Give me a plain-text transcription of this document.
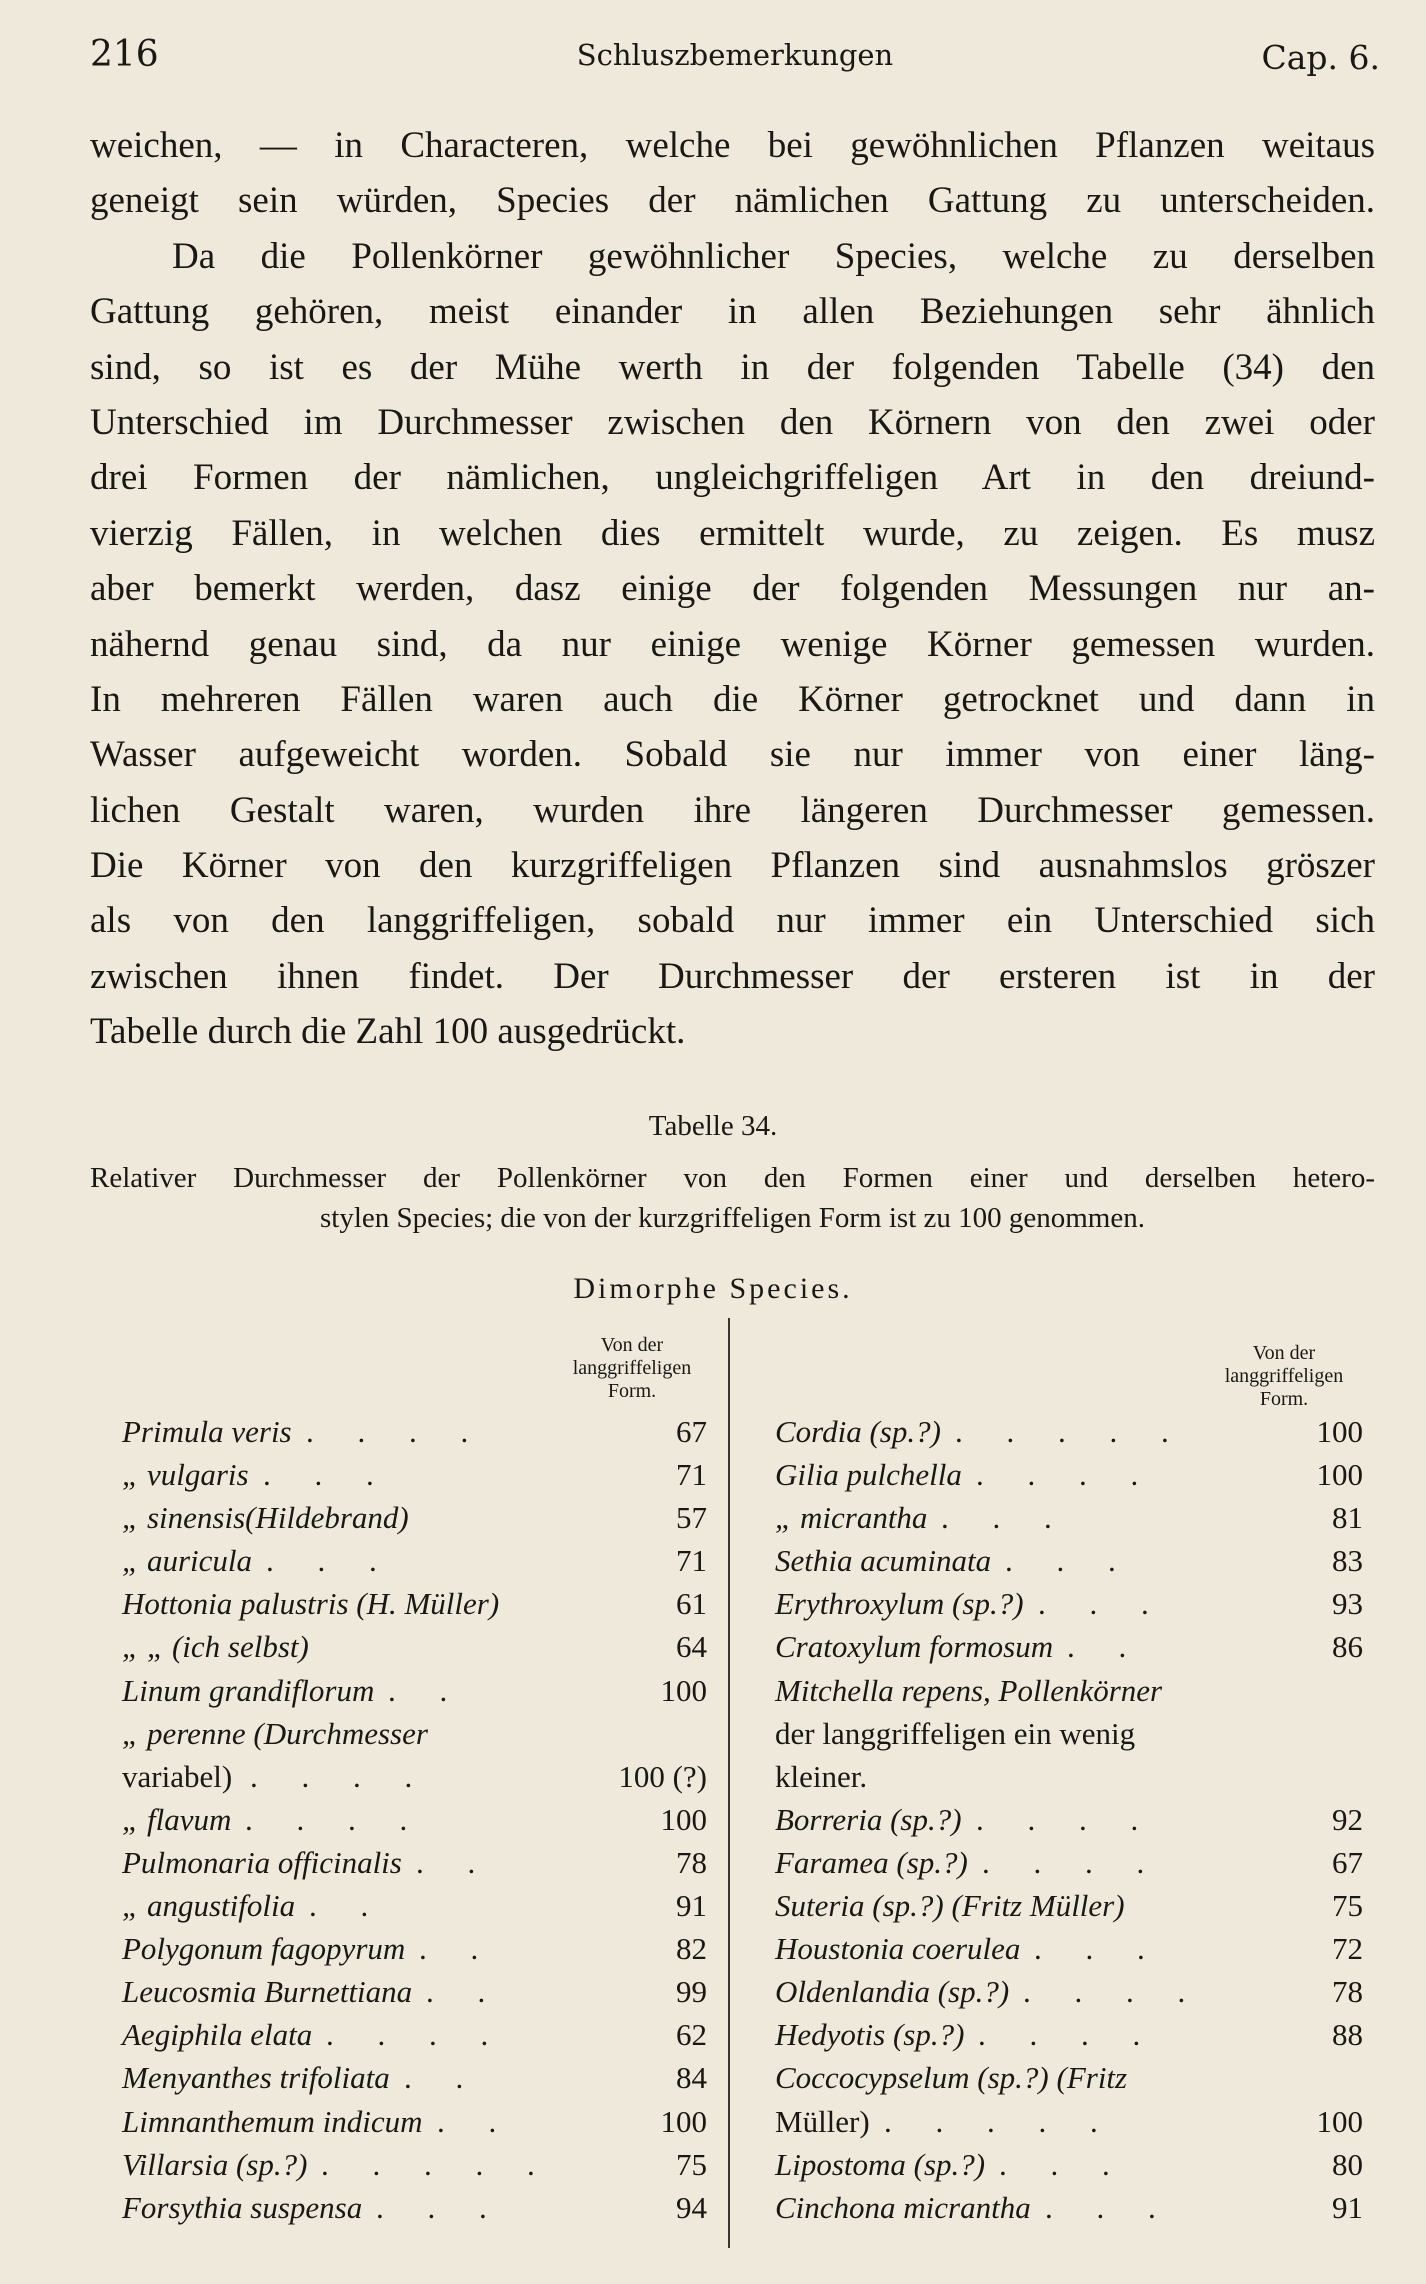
216	Schluszbemerkungen	Cap. 6.
weichen, — in Characteren, welche bei gewöhnlichen Pflanzen weitaus
geneigt sein würden, Species der nämlichen Gattung zu unterscheiden.
Da die Pollenkörner gewöhnlicher Species, welche zu derselben
Gattung gehören, meist einander in allen Beziehungen sehr ähnlich
sind, so ist es der Mühe werth in der folgenden Tabelle (34) den
Unterschied im Durchmesser zwischen den Körnern von den zwei oder
drei Formen der nämlichen, ungleichgriffeligen Art in den dreiund-
vierzig Fällen, in welchen dies ermittelt wurde, zu zeigen. Es musz
aber bemerkt werden, dasz einige der folgenden Messungen nur an-
nähernd genau sind, da nur einige wenige Körner gemessen wurden.
In mehreren Fällen waren auch die Körner getrocknet und dann in
Wasser aufgeweicht worden. Sobald sie nur immer von einer läng-
lichen Gestalt waren, wurden ihre längeren Durchmesser gemessen.
Die Körner von den kurzgriffeligen Pflanzen sind ausnahmslos gröszer
als von den langgriffeligen, sobald nur immer ein Unterschied sich
zwischen ihnen findet. Der Durchmesser der ersteren ist in der
Tabelle durch die Zahl 100 ausgedrückt.
Tabelle 34.
Relativer Durchmesser der Pollenkörner von den Formen einer und derselben hetero-
stylen Species; die von der kurzgriffeligen Form ist zu 100 genommen.
Dimorphe Species.
Von der
langgriffeligen
Form.
Von der
langgriffeligen
Form.
Primula veris . . . .	67
„ vulgaris . . .	71
„ sinensis(Hildebrand)	57
„ auricula . . .	71
Hottonia palustris (H. Müller)	61
„ „ (ich selbst)	64
Linum grandiflorum . .	100
„ perenne (Durchmesser
variabel) . . . .	100 (?)
„ flavum . . . .	100
Pulmonaria officinalis . .	78
„ angustifolia . .	91
Polygonum fagopyrum . .	82
Leucosmia Burnettiana . .	99
Aegiphila elata . . . .	62
Menyanthes trifoliata . .	84
Limnanthemum indicum . .	100
Villarsia (sp.?) . . . . .	75
Forsythia suspensa . . .	94
Cordia (sp.?) . . . . .	100
Gilia pulchella . . . .	100
„ micrantha . . .	81
Sethia acuminata . . .	83
Erythroxylum (sp.?) . . .	93
Cratoxylum formosum . .	86
Mitchella repens, Pollenkörner
der langgriffeligen ein wenig
kleiner.
Borreria (sp.?) . . . .	92
Faramea (sp.?) . . . .	67
Suteria (sp.?) (Fritz Müller)	75
Houstonia coerulea . . .	72
Oldenlandia (sp.?) . . . .	78
Hedyotis (sp.?) . . . .	88
Coccocypselum (sp.?) (Fritz
Müller) . . . . .	100
Lipostoma (sp.?) . . .	80
Cinchona micrantha . . .	91
